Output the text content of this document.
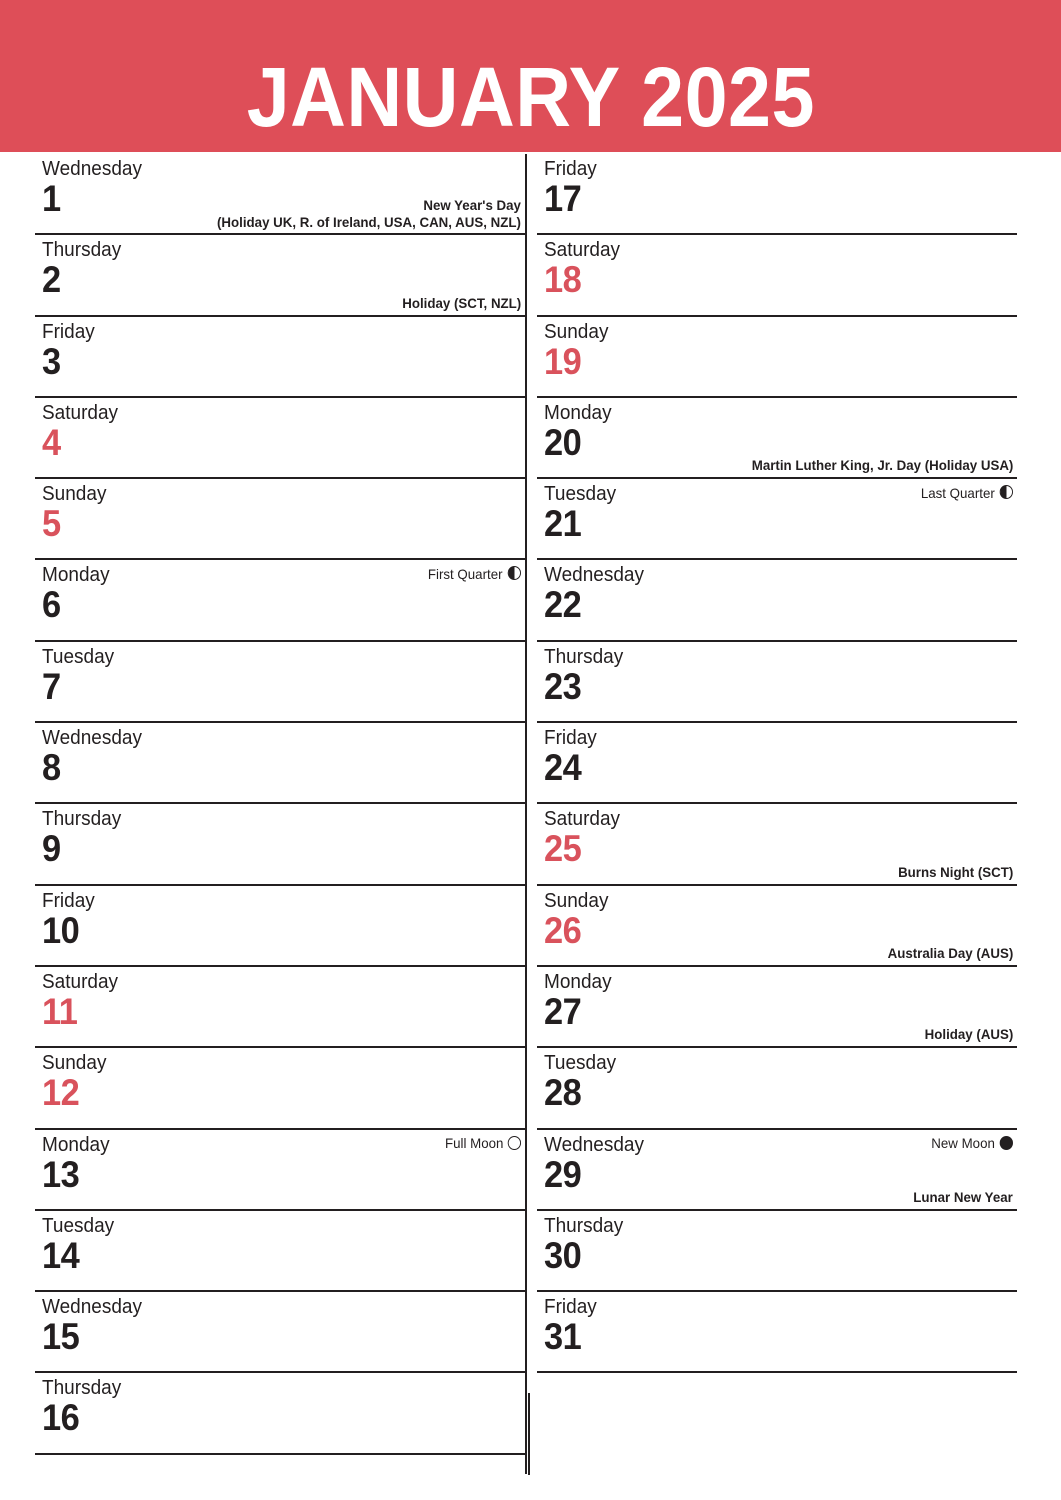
JANUARY 2025
Wednesday
1	New Year's Day
(Holiday UK, R. of Ireland, USA, CAN, AUS, NZL)
Thursday
2
Holiday (SCT, NZL)
Friday
3
Saturday
4
Sunday
5
Monday
6
First Quarter
Tuesday
7
Wednesday
8
Thursday
9
Friday
10
Saturday
11
Sunday
12
Monday
13
Full Moon
Tuesday
14
Wednesday
15
Thursday
16
Friday
17
Saturday
18
Sunday
19
Monday
20
Martin Luther King, Jr. Day (Holiday USA)
Tuesday
21
Last Quarter
Wednesday
22
Thursday
23
Friday
24
Saturday
25
Burns Night (SCT)
Sunday
26
Australia Day (AUS)
Monday
27
Holiday (AUS)
Tuesday
28
Wednesday
29
New Moon
Lunar New Year
Thursday
30
Friday
31
